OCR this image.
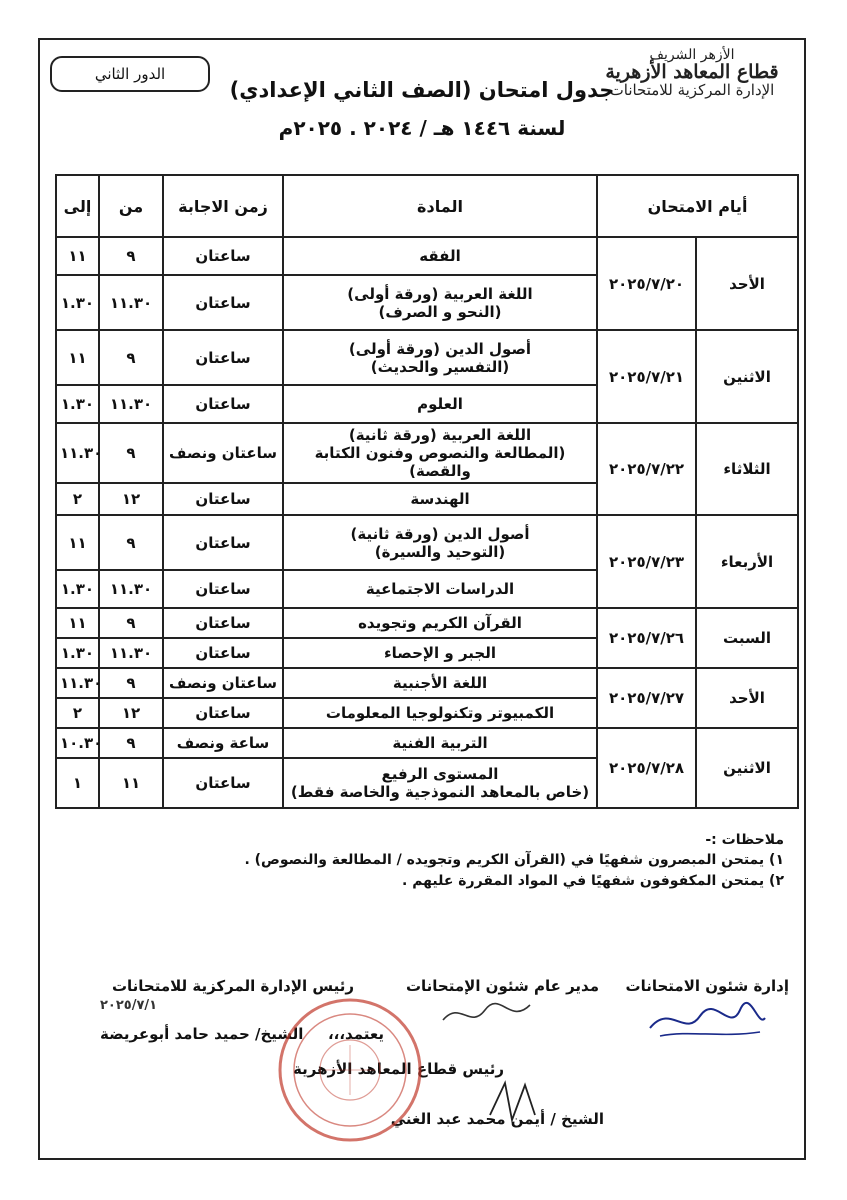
الأزهر الشريف
قطاع المعاهد الأزهرية
الإدارة المركزية للامتحانات
الدور الثاني
جدول امتحان (الصف الثاني الإعدادي)
لسنة ١٤٤٦ هـ / ٢٠٢٤ . ٢٠٢٥م
أيام الامتحان		المادة	زمن الاجابة	من	إلى
الأحد	٢٠٢٥/٧/٢٠	الفقه	ساعتان	٩	١١

		اللغة العربية (ورقة أولى)
(النحو و الصرف)	ساعتان	١١.٣٠	١.٣٠
الاثنين	٢٠٢٥/٧/٢١	أصول الدين (ورقة أولى)
(التفسير والحديث)	ساعتان	٩	١١

		العلوم	ساعتان	١١.٣٠	١.٣٠
الثلاثاء	٢٠٢٥/٧/٢٢	اللغة العربية (ورقة ثانية)
(المطالعة والنصوص وفنون الكتابة والقصة)	ساعتان ونصف	٩	١١.٣٠

		الهندسة	ساعتان	١٢	٢
الأربعاء	٢٠٢٥/٧/٢٣	أصول الدين (ورقة ثانية)
(التوحيد والسيرة)	ساعتان	٩	١١

		الدراسات الاجتماعية	ساعتان	١١.٣٠	١.٣٠
السبت	٢٠٢٥/٧/٢٦	القرآن الكريم وتجويده	ساعتان	٩	١١

		الجبر و الإحصاء	ساعتان	١١.٣٠	١.٣٠
الأحد	٢٠٢٥/٧/٢٧	اللغة الأجنبية	ساعتان ونصف	٩	١١.٣٠

		الكمبيوتر وتكنولوجيا المعلومات	ساعتان	١٢	٢
الاثنين	٢٠٢٥/٧/٢٨	التربية الفنية	ساعة ونصف	٩	١٠.٣٠

		المستوى الرفيع
(خاص بالمعاهد النموذجية والخاصة فقط)	ساعتان	١١	١
ملاحظات :-
١) يمتحن المبصرون شفهيًا في (القرآن الكريم وتجويده / المطالعة والنصوص) .
٢) يمتحن المكفوفون شفهيًا في المواد المقررة عليهم .
إدارة شئون الامتحانات
مدير عام شئون الإمتحانات
رئيس الإدارة المركزية للامتحانات
يعتمد،،،
الشيخ/ حميد حامد أبوعريضة
رئيس قطاع المعاهد الأزهرية
الشيخ / أيمن محمد عبد الغني
٢٠٢٥/٧/١
